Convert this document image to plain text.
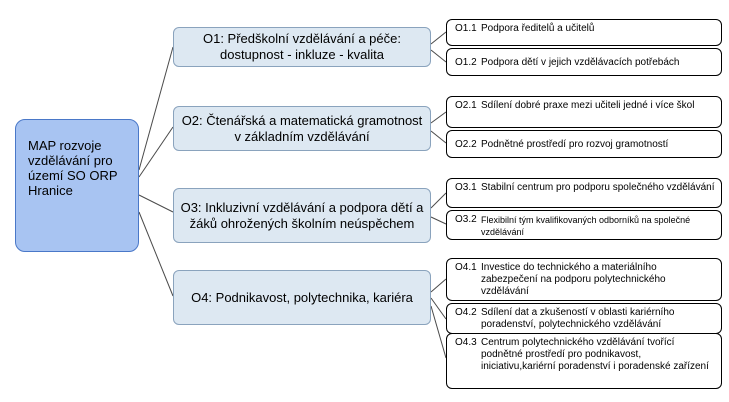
MAP rozvoje vzdělávání pro území SO ORP Hranice
O1: Předškolní vzdělávání a péče: dostupnost - inkluze - kvalita
O1.1 Podpora ředitelů a učitelů
O1.2 Podpora dětí v jejich vzdělávacích potřebách
O2: Čtenářská a matematická gramotnost v základním vzdělávání
O2.1 Sdílení dobré praxe mezi učiteli jedné i více škol
O2.2 Podnětné prostředí pro rozvoj gramotností
O3: Inkluzivní vzdělávání a podpora dětí a žáků ohrožených školním neúspěchem
O3.1 Stabilní centrum pro podporu společného vzdělávání
O3.2 Flexibilní tým kvalifikovaných odborníků na společné vzdělávání
O4: Podnikavost, polytechnika, kariéra
O4.1 Investice do technického a materiálního zabezpečení na podporu polytechnického vzdělávání
O4.2 Sdílení dat a zkušeností v oblasti kariérního poradenství, polytechnického vzdělávání
O4.3 Centrum polytechnického vzdělávání tvořící podnětné prostředí pro podnikavost, iniciativu,kariérní poradenství i poradenské zařízení
